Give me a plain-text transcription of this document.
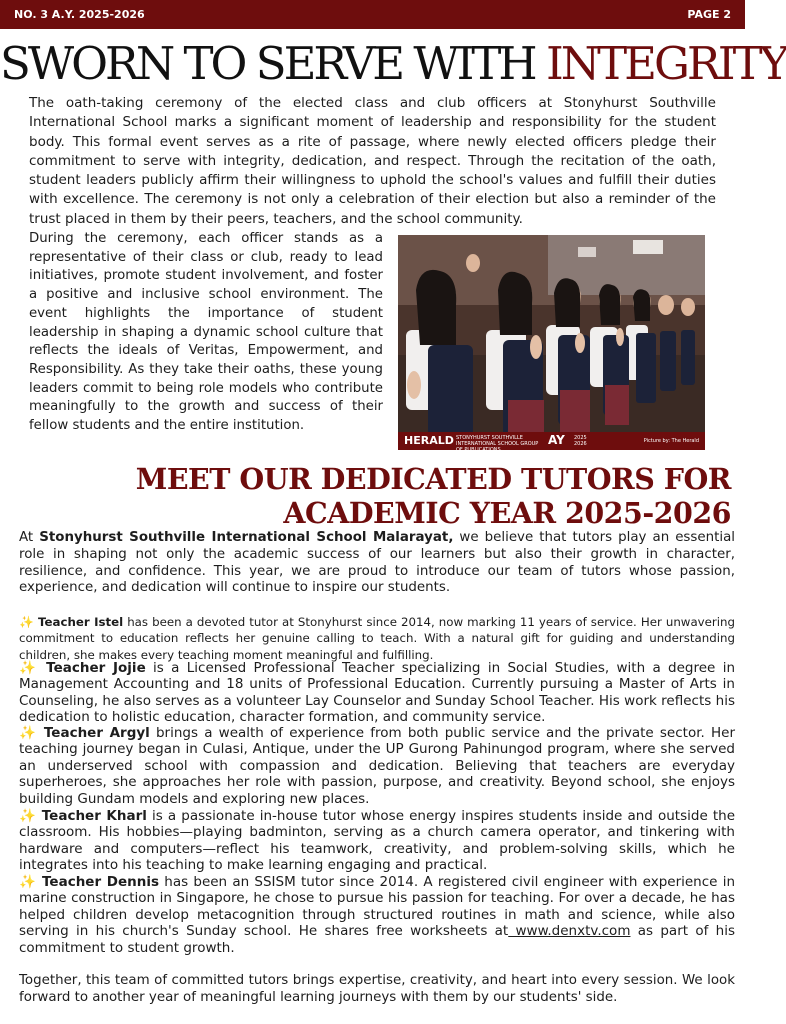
NO. 3 A.Y. 2025-2026	PAGE 2
SWORN TO SERVE WITH INTEGRITY

The oath-taking ceremony of the elected class and club officers at Stonyhurst Southville International School marks a significant moment of leadership and responsibility for the student body. This formal event serves as a rite of passage, where newly elected officers pledge their commitment to serve with integrity, dedication, and respect. Through the recitation of the oath, student leaders publicly affirm their willingness to uphold the school's values and fulfill their duties with excellence. The ceremony is not only a celebration of their election but also a reminder of the trust placed in them by their peers, teachers, and the school community.

During the ceremony, each officer stands as a representative of their class or club, ready to lead initiatives, promote student involvement, and foster a positive and inclusive school environment. The event highlights the importance of student leadership in shaping a dynamic school culture that reflects the ideals of Veritas, Empowerment, and Responsibility. As they take their oaths, these young leaders commit to being role models who contribute meaningfully to the growth and success of their fellow students and the entire institution.

HERALD STONYHURST SOUTHVILLE INTERNATIONAL SCHOOL GROUP OF PUBLICATIONS
AY 2025
2026	Picture by: The Herald
MEET OUR DEDICATED TUTORS FOR
ACADEMIC YEAR 2025-2026

At Stonyhurst Southville International School Malarayat, we believe that tutors play an essential role in shaping not only the academic success of our learners but also their growth in character, resilience, and confidence. This year, we are proud to introduce our team of tutors whose passion, experience, and dedication will continue to inspire our students.

✨ Teacher Istel has been a devoted tutor at Stonyhurst since 2014, now marking 11 years of service. Her unwavering commitment to education reflects her genuine calling to teach. With a natural gift for guiding and understanding children, she makes every teaching moment meaningful and fulfilling.

✨ Teacher Jojie is a Licensed Professional Teacher specializing in Social Studies, with a degree in Management Accounting and 18 units of Professional Education. Currently pursuing a Master of Arts in Counseling, he also serves as a volunteer Lay Counselor and Sunday School Teacher. His work reflects his dedication to holistic education, character formation, and community service.

✨ Teacher Argyl brings a wealth of experience from both public service and the private sector. Her teaching journey began in Culasi, Antique, under the UP Gurong Pahinungod program, where she served an underserved school with compassion and dedication. Believing that teachers are everyday superheroes, she approaches her role with passion, purpose, and creativity. Beyond school, she enjoys building Gundam models and exploring new places.

✨ Teacher Kharl is a passionate in-house tutor whose energy inspires students inside and outside the classroom. His hobbies—playing badminton, serving as a church camera operator, and tinkering with hardware and computers—reflect his teamwork, creativity, and problem-solving skills, which he integrates into his teaching to make learning engaging and practical.

✨ Teacher Dennis has been an SSISM tutor since 2014. A registered civil engineer with experience in marine construction in Singapore, he chose to pursue his passion for teaching. For over a decade, he has helped children develop metacognition through structured routines in math and science, while also serving in his church's Sunday school. He shares free worksheets at www.denxtv.com as part of his commitment to student growth.

Together, this team of committed tutors brings expertise, creativity, and heart into every session. We look forward to another year of meaningful learning journeys with them by our students' side.
